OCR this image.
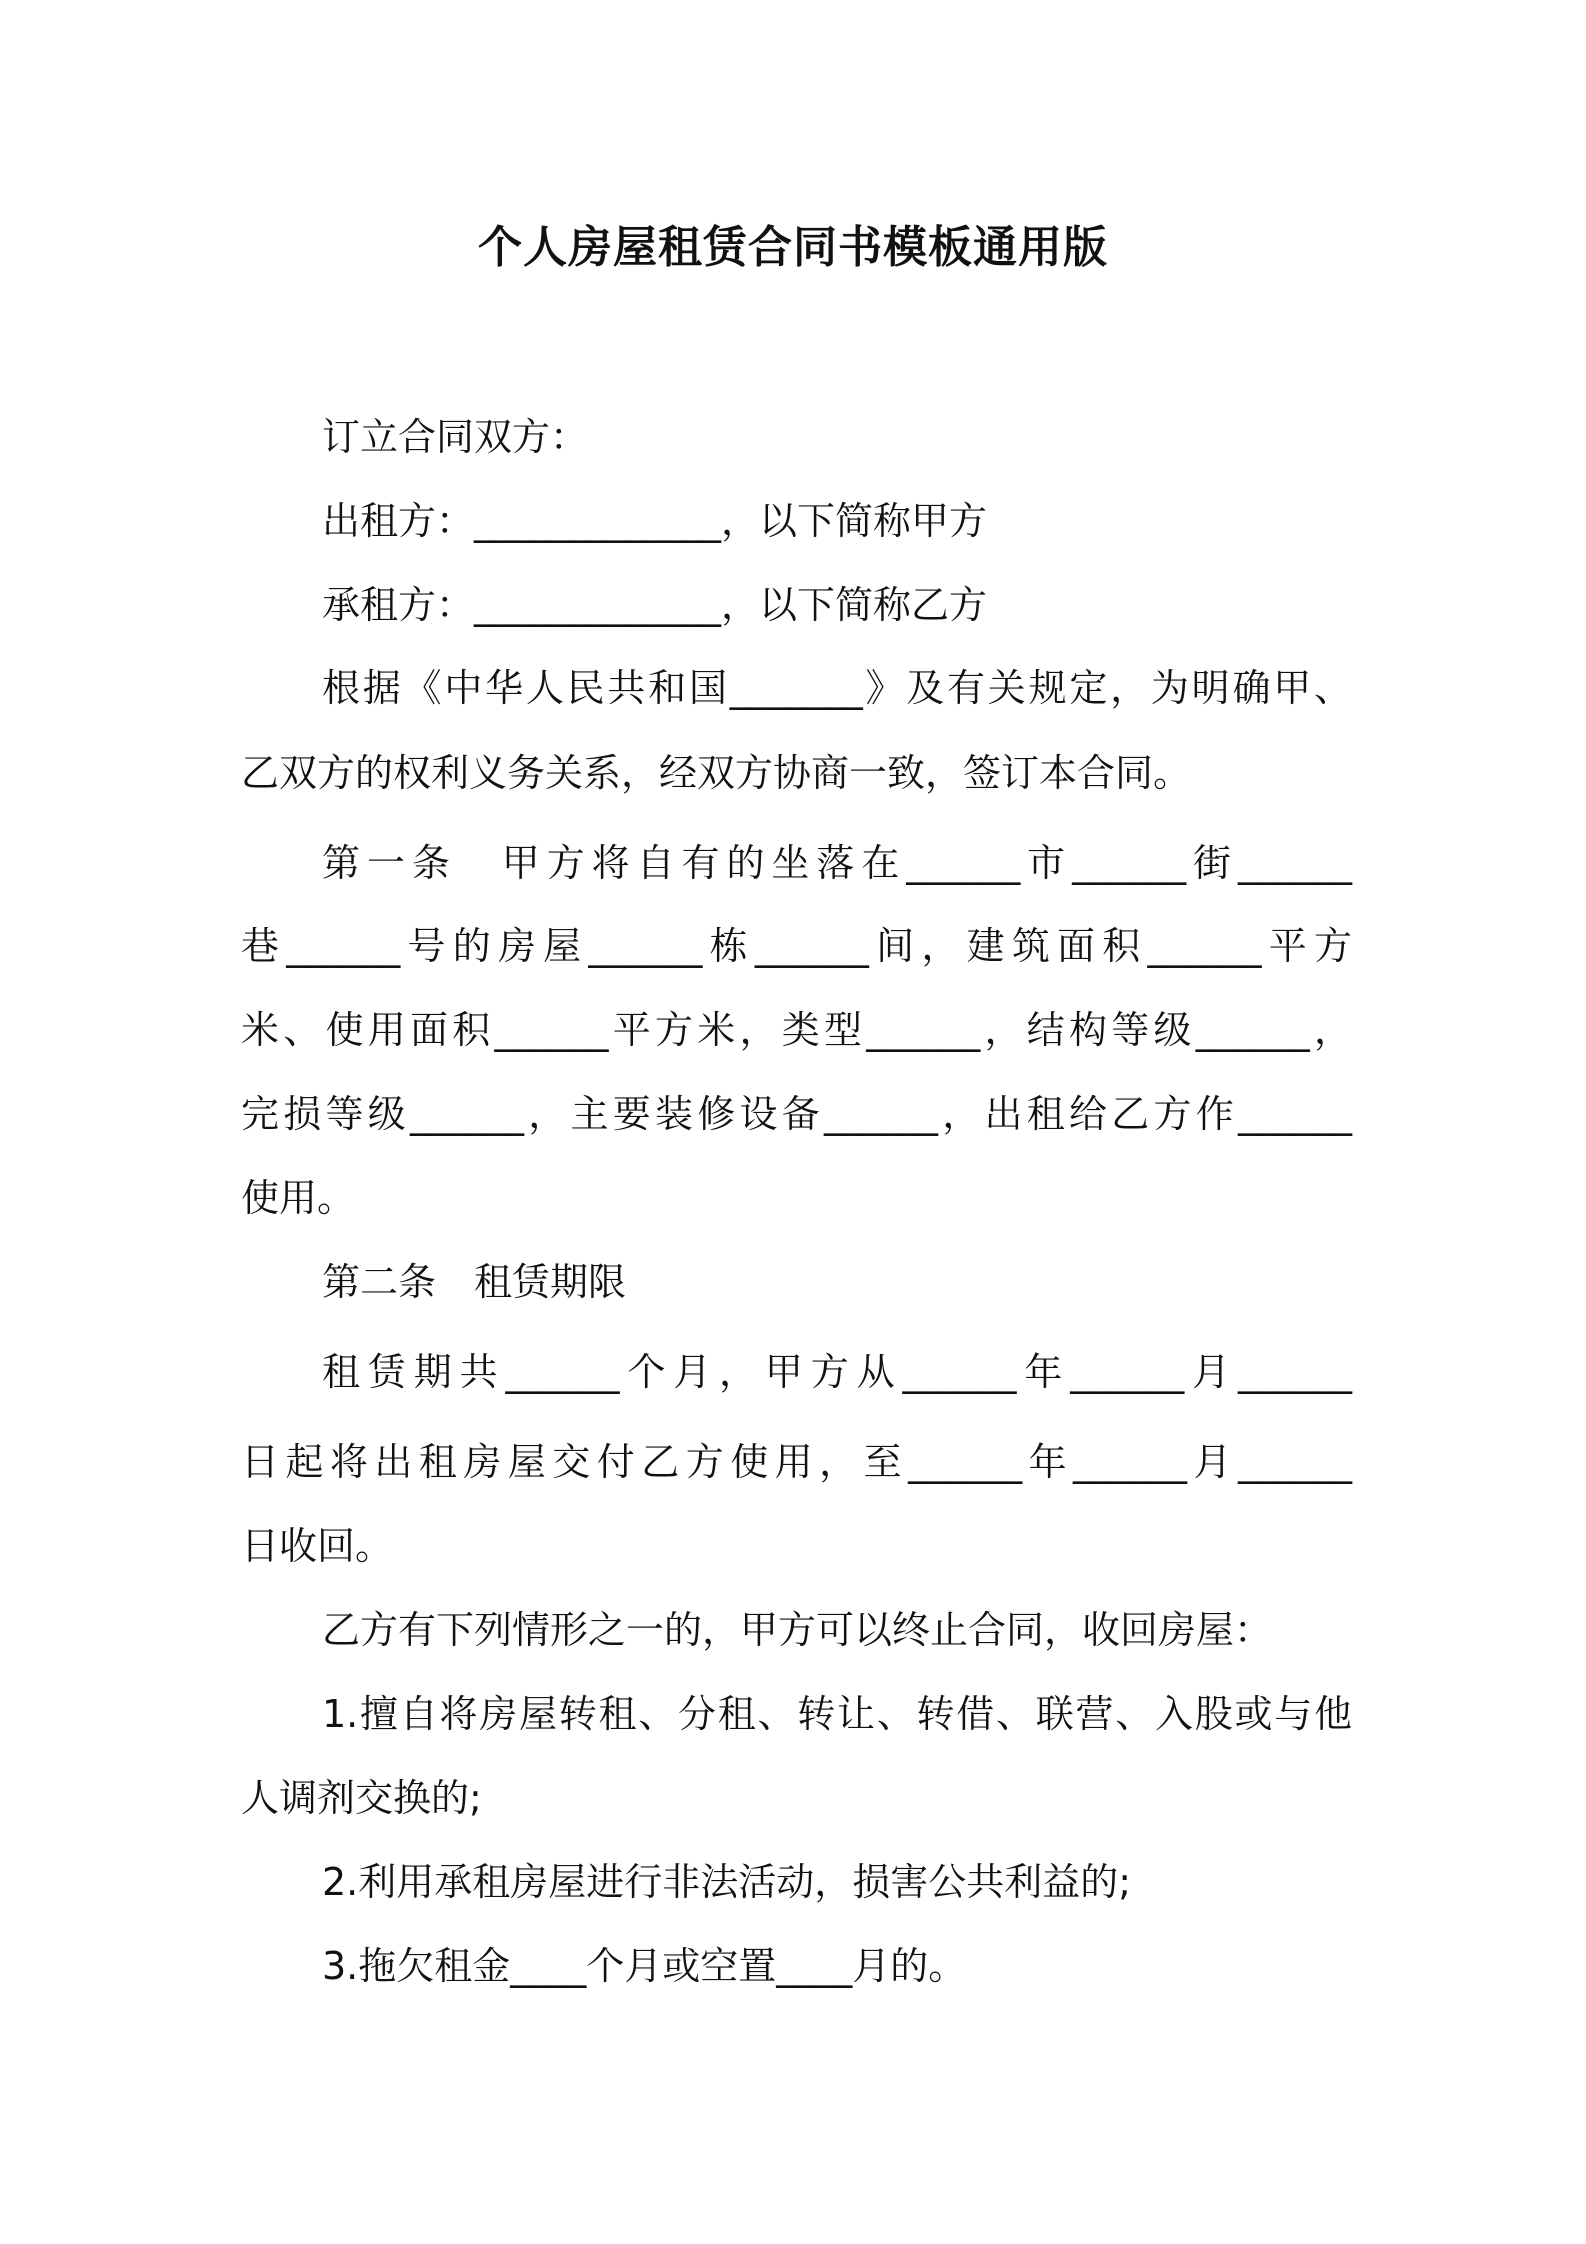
个人房屋租赁合同书模板通用版
订立合同双方：
出租方：_____________，以下简称甲方
承租方：_____________，以下简称乙方
根据《中华人民共和国_______》及有关规定，为明确甲、
乙双方的权利义务关系，经双方协商一致，签订本合同。
第一条　甲方将自有的坐落在______市______街______
巷______号的房屋______栋______间，建筑面积______平方
米、使用面积______平方米，类型______，结构等级______，
完损等级______，主要装修设备______，出租给乙方作______
使用。
第二条　租赁期限
租赁期共______个月，甲方从______年______月______
日起将出租房屋交付乙方使用，至______年______月______
日收回。
乙方有下列情形之一的，甲方可以终止合同，收回房屋：
1.擅自将房屋转租、分租、转让、转借、联营、入股或与他
人调剂交换的;
2.利用承租房屋进行非法活动，损害公共利益的;
3.拖欠租金____个月或空置____月的。
